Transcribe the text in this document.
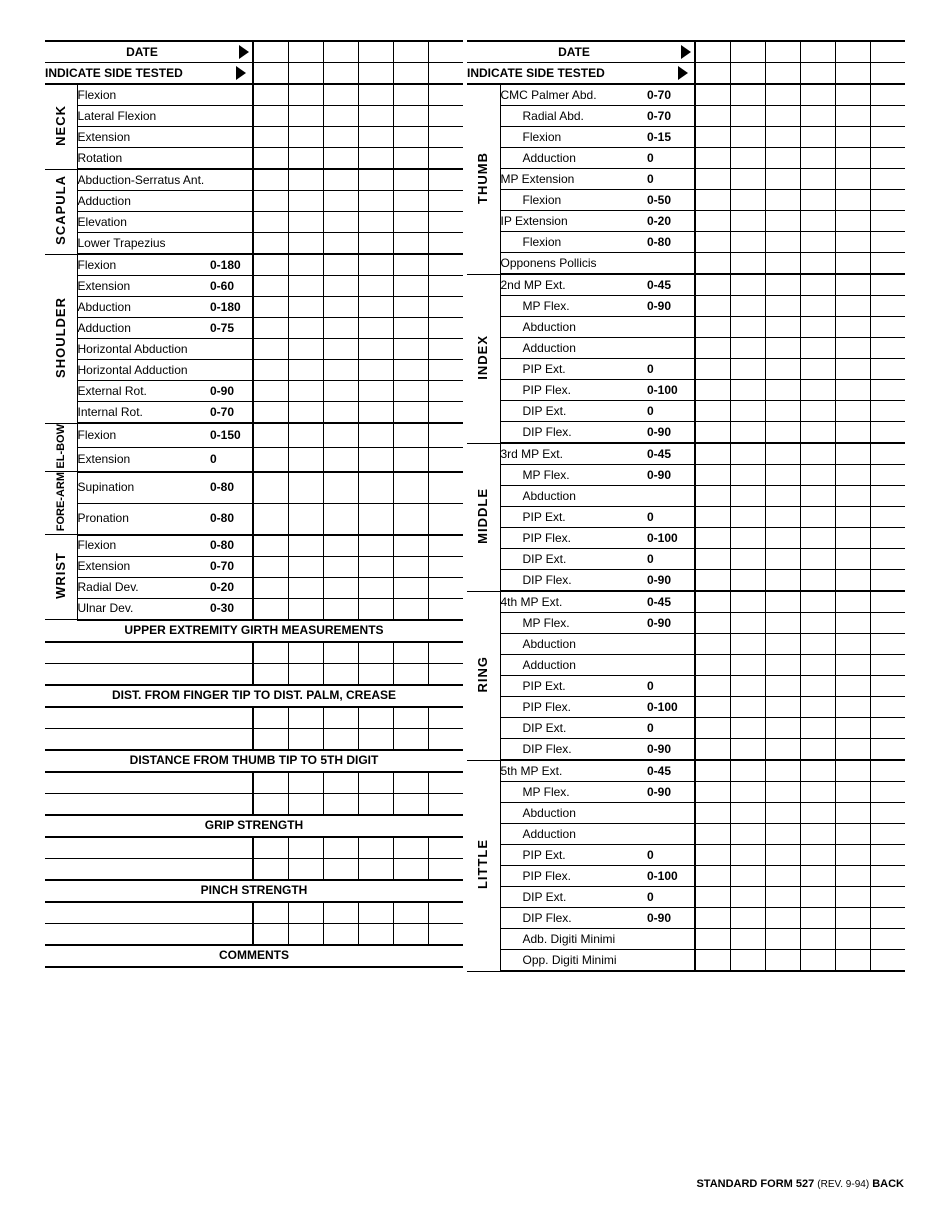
DATE								

INDICATE SIDE TESTED								

NECK	Flexion							
	Lateral Flexion							
	Extension							
	Rotation							
SCAPULA	Abduction-Serratus Ant.							
	Adduction							
	Elevation							
	Lower Trapezius							
SHOULDER	Flexion	0-180						
	Extension	0-60						
	Abduction	0-180						
	Adduction	0-75						
	Horizontal Abduction							
	Horizontal Adduction							
	External Rot.	0-90						
	Internal Rot.	0-70						
EL-BOW	Flexion	0-150						
	Extension	0						
FORE-ARM	Supination	0-80						
	Pronation	0-80						
WRIST	Flexion	0-80						
	Extension	0-70						
	Radial Dev.	0-20						
	Ulnar Dev.	0-30						
UPPER EXTREMITY GIRTH MEASUREMENTS								

DIST. FROM FINGER TIP TO DIST. PALM, CREASE								

DISTANCE FROM THUMB TIP TO 5TH DIGIT								

GRIP STRENGTH								

PINCH STRENGTH								

COMMENTS								
DATE								

INDICATE SIDE TESTED								

THUMB	CMC Palmer Abd.	0-70						
	Radial Abd.	0-70						
	Flexion	0-15						
	Adduction	0						
	MP Extension	0						
	Flexion	0-50						
	IP Extension	0-20						
	Flexion	0-80						
	Opponens Pollicis							
INDEX	2nd MP Ext.	0-45						
	MP Flex.	0-90						
	Abduction							
	Adduction							
	PIP Ext.	0						
	PIP Flex.	0-100						
	DIP Ext.	0						
	DIP Flex.	0-90						
MIDDLE	3rd MP Ext.	0-45						
	MP Flex.	0-90						
	Abduction							
	PIP Ext.	0						
	PIP Flex.	0-100						
	DIP Ext.	0						
	DIP Flex.	0-90						
RING	4th MP Ext.	0-45						
	MP Flex.	0-90						
	Abduction							
	Adduction							
	PIP Ext.	0						
	PIP Flex.	0-100						
	DIP Ext.	0						
	DIP Flex.	0-90						
LITTLE	5th MP Ext.	0-45						
	MP Flex.	0-90						
	Abduction							
	Adduction							
	PIP Ext.	0						
	PIP Flex.	0-100						
	DIP Ext.	0						
	DIP Flex.	0-90						
	Adb. Digiti Minimi							
	Opp. Digiti Minimi							
STANDARD FORM 527 (REV. 9-94) BACK
